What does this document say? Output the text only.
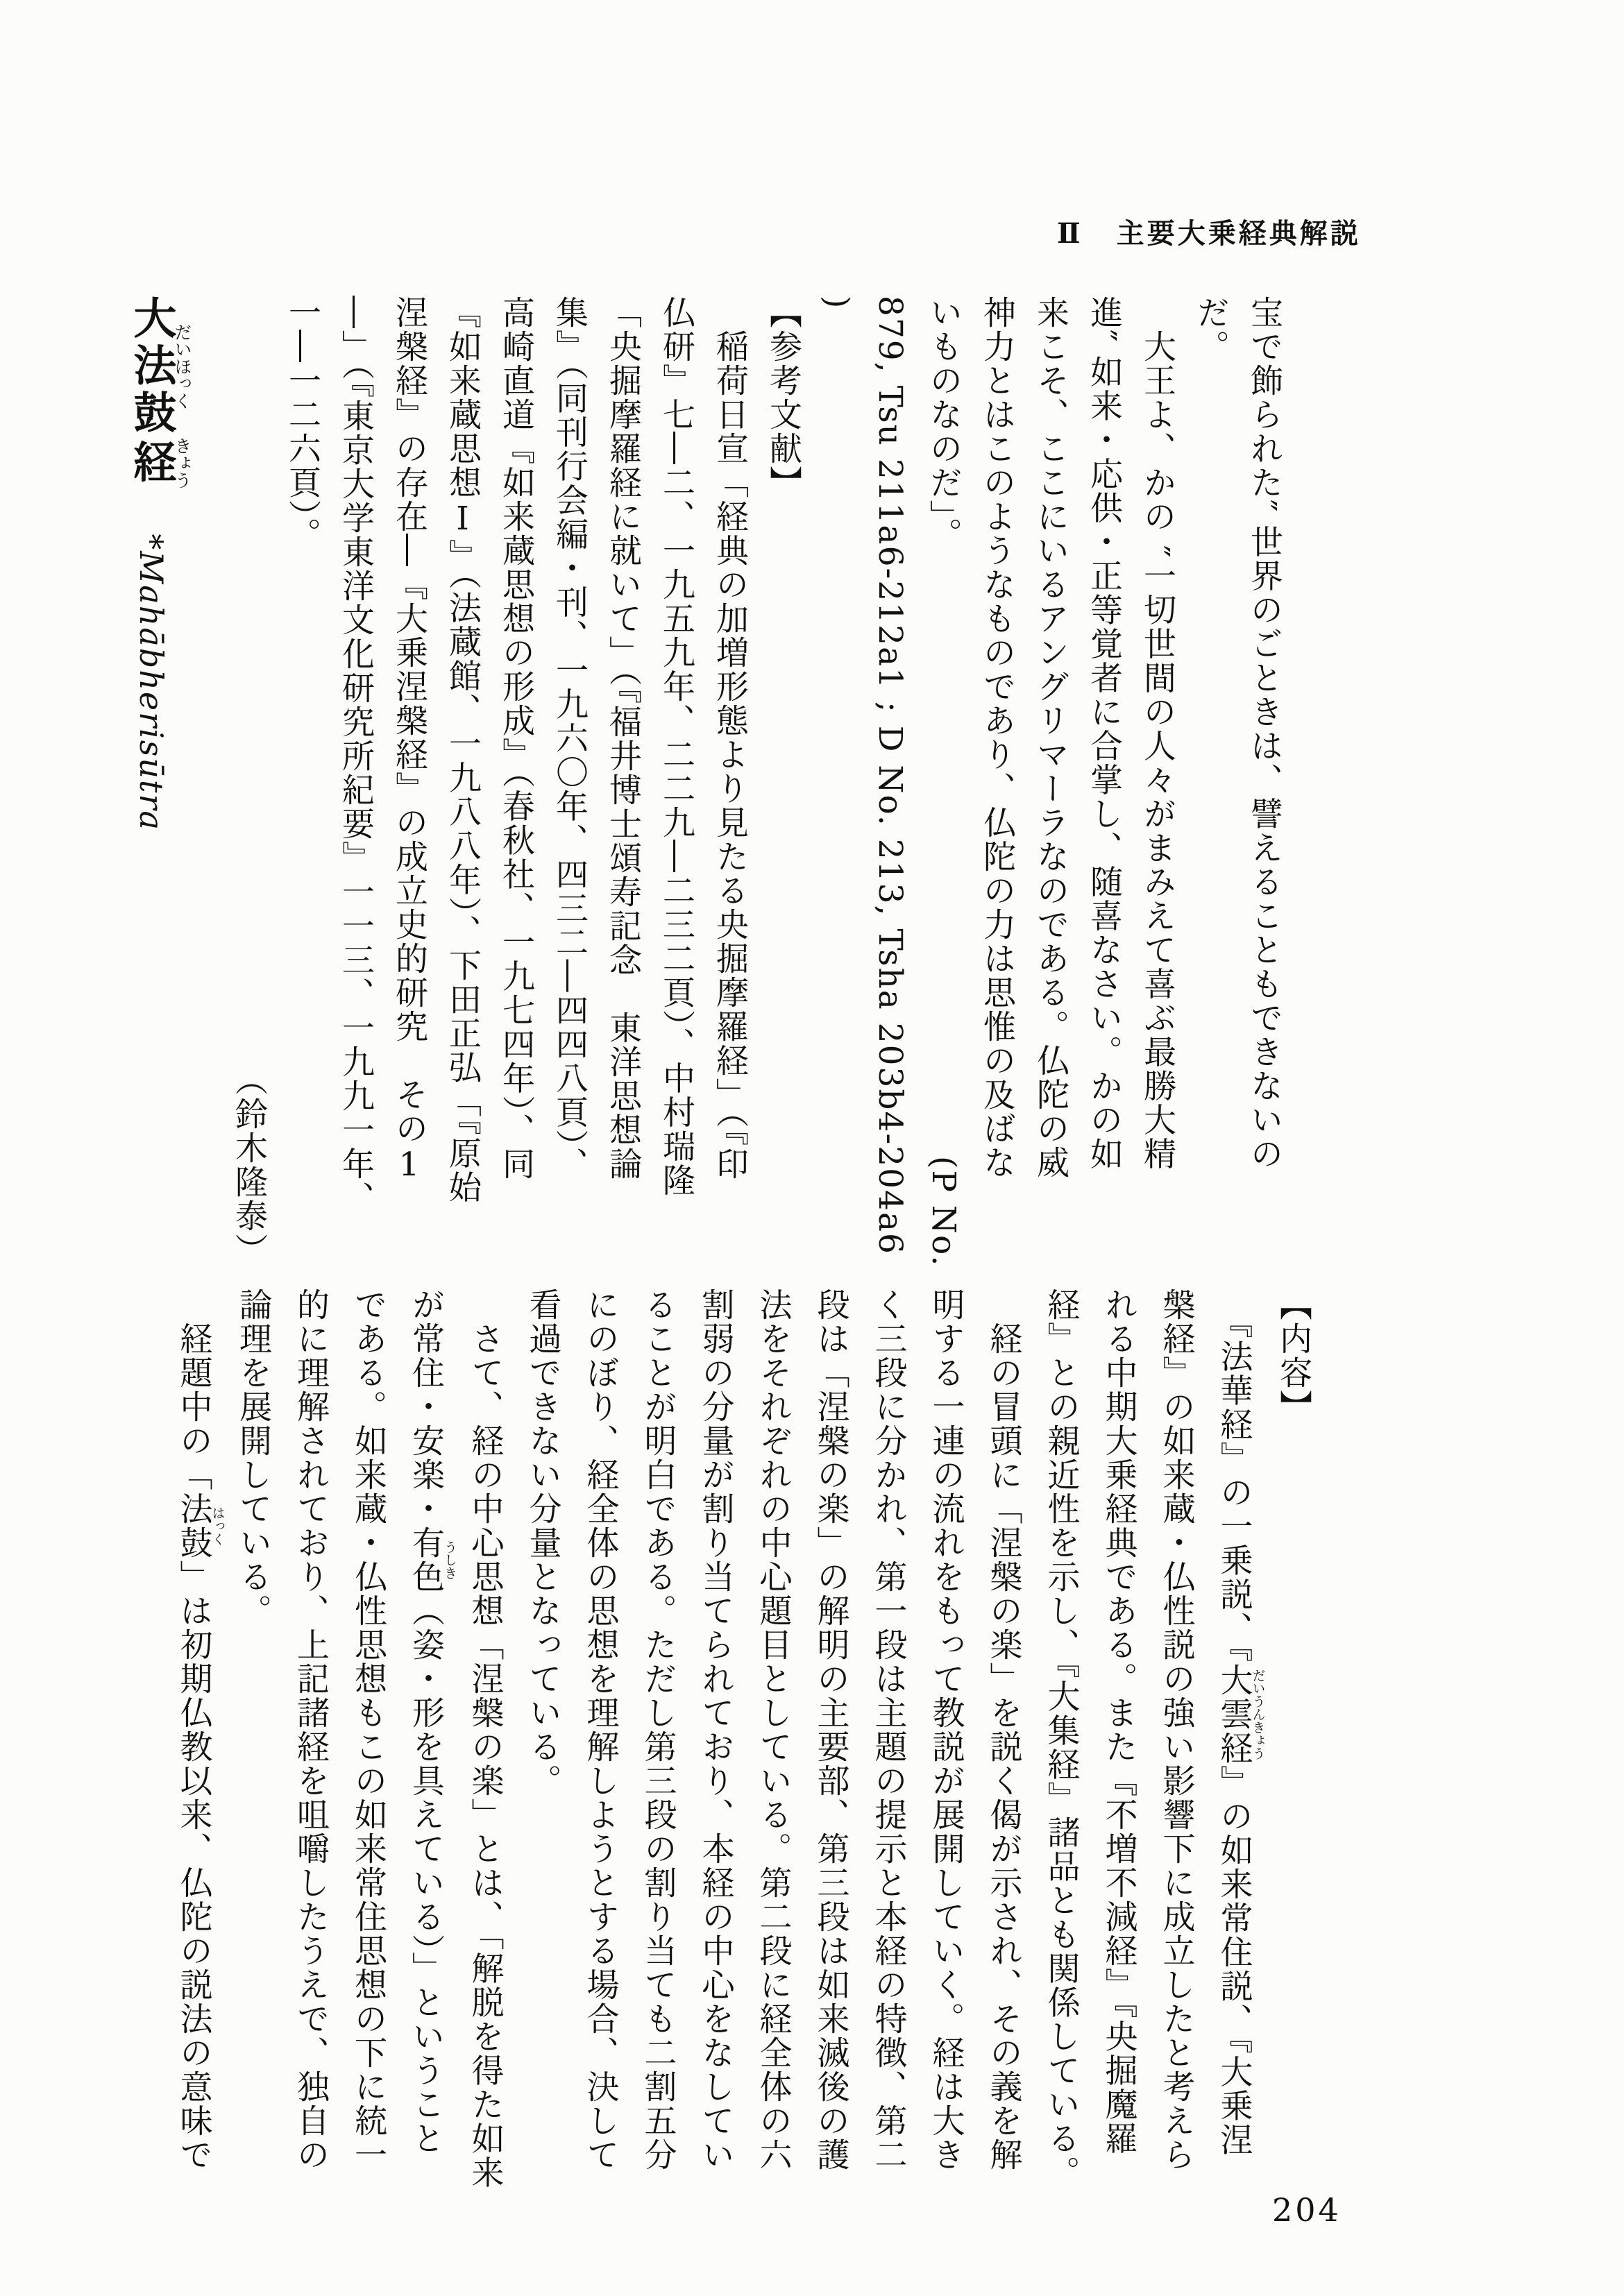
Ⅱ 主要大乗経典解説
宝で飾られた″ 世界のごときは、譬えることもできないの
だ。
　大王よ、かの ″一切世間の人々がまみえて喜ぶ最勝大精
進″ 如来・応供・正等覚者に合掌し、随喜なさい。かの如
来こそ、ここにいるアングリマーラなのである。仏陀の威
神力とはこのようなものであり、仏陀の力は思惟の及ばな
いものなのだ」。
(P No.
879, Tsu 211a6-212a1 ; D No. 213, Tsha 203b4-204a6)
【参考文献】
　稲荷日宣「経典の加増形態より見たる央掘摩羅経」（『印
仏研』七―二、一九五九年、二二九―二三二頁）、中村瑞隆
「央掘摩羅経に就いて」（『福井博士頌寿記念　東洋思想論
集』（同刊行会編・刊、一九六〇年、四三二―四四八頁）、
高崎直道『如来蔵思想の形成』（春秋社、一九七四年）、同
『如来蔵思想Ⅰ』（法蔵館、一九八八年）、下田正弘「『原始
涅槃経』の存在―『大乗涅槃経』の成立史的研究　その1
―」（『東京大学東洋文化研究所紀要』一一三、一九九一年、
一―一二六頁）。
（鈴木隆泰）
大法鼓だいほっく経きょう　*Mahābherisūtra
【内容】
　『法華経』の一乗説、『大雲経だいうんきょう』の如来常住説、『大乗涅
槃経』の如来蔵・仏性説の強い影響下に成立したと考えら
れる中期大乗経典である。また『不増不減経』『央掘魔羅
経』との親近性を示し、『大集経』諸品とも関係している。
　経の冒頭に「涅槃の楽」を説く偈が示され、その義を解
明する一連の流れをもって教説が展開していく。経は大き
く三段に分かれ、第一段は主題の提示と本経の特徴、第二
段は「涅槃の楽」の解明の主要部、第三段は如来滅後の護
法をそれぞれの中心題目としている。第二段に経全体の六
割弱の分量が割り当てられており、本経の中心をなしてい
ることが明白である。ただし第三段の割り当ても二割五分
にのぼり、経全体の思想を理解しようとする場合、決して
看過できない分量となっている。
　さて、経の中心思想「涅槃の楽」とは、「解脱を得た如来
が常住・安楽・有色うしき（姿・形を具えている）」ということ
である。如来蔵・仏性思想もこの如来常住思想の下に統一
的に理解されており、上記諸経を咀嚼したうえで、独自の
論理を展開している。
　経題中の「法鼓はっく」は初期仏教以来、仏陀の説法の意味で
204
